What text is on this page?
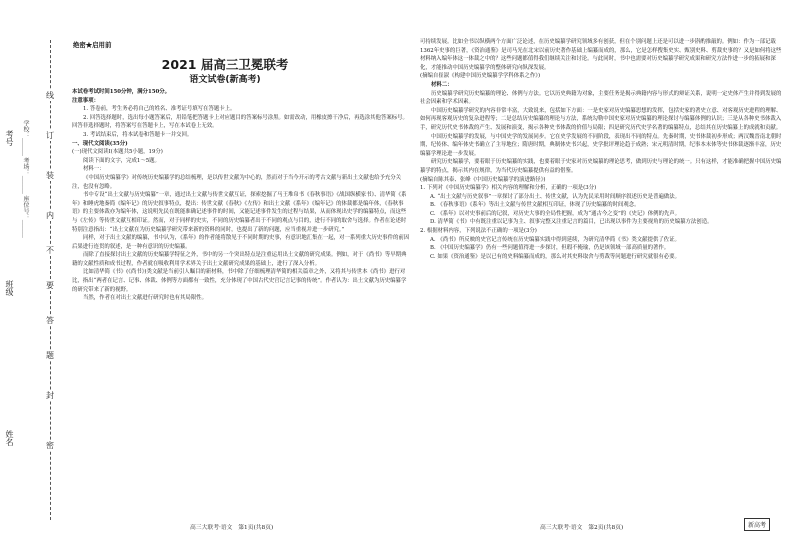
姓名
班级
考号 学校：______ 考场：______ 座位号：______
线
订
装
内
不
要
答
题
封
密
绝密★启用前
2021 届高三卫冕联考
语文试卷(新高考)

本试卷考试时间150分钟，满分150分。

注意事项：

1. 答卷前，考生务必将自己的姓名、准考证号填写在答题卡上。

2. 回答选择题时，选出每小题答案后，用铅笔把答题卡上对应题目的答案标号涂黑。如需改动，用橡皮擦干净后，再选涂其他答案标号。回答非选择题时，将答案写在答题卡上，写在本试卷上无效。

3. 考试结束后，将本试卷和答题卡一并交回。

一、现代文阅读(35分)

(一)现代文阅读Ⅰ(本题共5小题，19分)

阅读下面的文字，完成1～5题。

材料一：

《中国历史编纂学》对传统历史编纂学的总结梳理，是以传世文献为中心的，然而对于当今开示的考古文献与新出土文献也给予充分关注，也没有忽略。

书中专设“出土文献与历史编纂”一章，通过出土文献与传世文献互证，探索挖掘了马王堆帛书《春秋事语》《战国纵横家书》、清华简《系年》和睡虎地秦简《编年记》的历史叙事特点，提出：传世文献《春秋》《左传》和出土文献《系年》《编年记》的体裁都是编年体，《春秋事语》的主要体裁亦为编年体，这说明先民在既能准确记述事件的时间，又能记述事件发生的过程与结果，从而体现出史学的编纂特点，而这些与《左传》等传世文献互相印证。然而，对于同样的史实，不同的历史编纂者出于不同的观点与目的，进行不同的取舍与选择。作者在论述时特别注意指出：“出土文献在为历史编纂学研究带来新的资料的同时，也提出了新的问题，应当重视并进一步研究。”

同样，对于出土文献的编纂，书中认为，《系年》的作者能将散见于不同时期的史事，有意识地汇集在一起，对一系列重大历史事件的前因后果进行连贯的叙述，是一种有意识的历史编纂。

而除了直接探讨出土文献的历史编纂学特征之外，书中的另一个突出特点是注重运用出土文献的研究成果。例如，对于《尚书》等早期典籍的文献性质和成书过程，作者就在吸收利用学术界关于出土文献研究成果的基础上，进行了深入分析。

比如清华简《书》(《尚书》)类文献是当前引人瞩目的新材料，书中除了仔细梳理清华简的相关篇章之外，又将其与传世本《尚书》进行对比，指出“两者在记言、记事、体裁、体例等方面都有一致性，充分体现了中国古代史官记言记事的传统”。作者认为：出土文献为历史编纂学的研究带来了新的视野。

当然，作者在对出土文献进行研究时也有其局限性。

高三大联考·语文　第1页(共8页)

可持续发展。比如全书以纵横两个方面广泛论述，在历史编纂学研究领域多有创获，但在个别问题上还是可以进一步斟酌推敲的。例如：作为一部记载1362年史事的巨著，《资治通鉴》是司马光在北宋以前历史著作基础上编纂而成的，那么，它是怎样搜集史实、甄别史料、剪裁史事的？又是如何将这些材料纳入编年体这一体裁之中的？这些问题都值得我们继续关注和讨论。与此同时，书中也需要对历史编纂学研究成果和研究方法作进一步的拓展和深化，才能推动中国历史编纂学的整体研究向纵深发展。

(摘编自崔淑《构建中国历史编纂学学科体系之作》)

材料二：

历史编纂学研究历史编纂的理论、体例与方法。它以历史典籍为对象，主要任务是揭示典籍内容与形式的辩证关系，说明一定史体产生并得到发展的社会因素和学术因素。

中国历史编纂学研究的内容非常丰富，大致说来，包括如下方面：一是史家对历史编纂思想的发挥，包括史家的著史立意、对客观历史进程的理解、如何再现客观历史的复杂进程等；二是总结历史编纂的理论与方法，系统勾勒中国史家对历史编纂的理论探讨与编纂体例的认识；三是从各种史书体裁入手，研究历代史书体裁的产生、发展和演变，揭示各种史书体裁的价值与局限；四是研究历代史学名著的编纂特点，总结其在历史编纂上的成就和贡献。

中国历史编纂学的发展，与中国史学的发展同步。它在史学发展的不同阶段，表现出不同的特点。先秦时期，史书体裁初步形成；两汉魏晋南北朝时期，纪传体、编年体史书确立了主导地位；隋唐时期，典制体史书兴起，史学批评理论趋于成熟；宋元明清时期，纪事本末体等史书体裁逐渐丰富，历史编纂学理论进一步发展。

研究历史编纂学，要着眼于历史编纂的实践，也要着眼于史家对历史编纂的理论思考，做到历史与理论的统一。只有这样，才能准确把握中国历史编纂学的特点，揭示其内在规律，为当代历史编纂提供有益的借鉴。

(摘编自陈其泰、张峰《中国历史编纂学的演进路径》)

1. 下列对《中国历史编纂学》相关内容的理解和分析，正确的一项是(3分)

A. “出土文献与历史叙事”一章探讨了部分出土、传世文献，认为先民采用时间顺序叙述历史是普遍做法。

B. 《春秋事语》《系年》等出土文献与传世文献相互印证，体现了历史编纂的时间观念。

C. 《系年》以对史事前后的记叙，对历史大事的全局性把握，成为“通古今之变”的《史记》体例的先声。

D. 清华简《书》中有既注重以记事为主、叙事完整又注重记言的篇目，已出现以事件为主要视角的历史编纂方法创造。

2. 根据材料内容，下列说法不正确的一项是(3分)

A. 《尚书》所反映的史官记言传统在历史编纂实践中得到延续，为研究清华简《书》类文献提供了佐证。

B. 《中国历史编纂学》仍有一些问题值得进一步探讨，但瑕不掩瑜，仍是该领域一部高质量的著作。

C. 如果《资治通鉴》是以已有的史料编纂而成的，那么对其史料取舍与剪裁等问题进行研究就很有必要。

高三大联考·语文　第2页(共8页)	新高考
